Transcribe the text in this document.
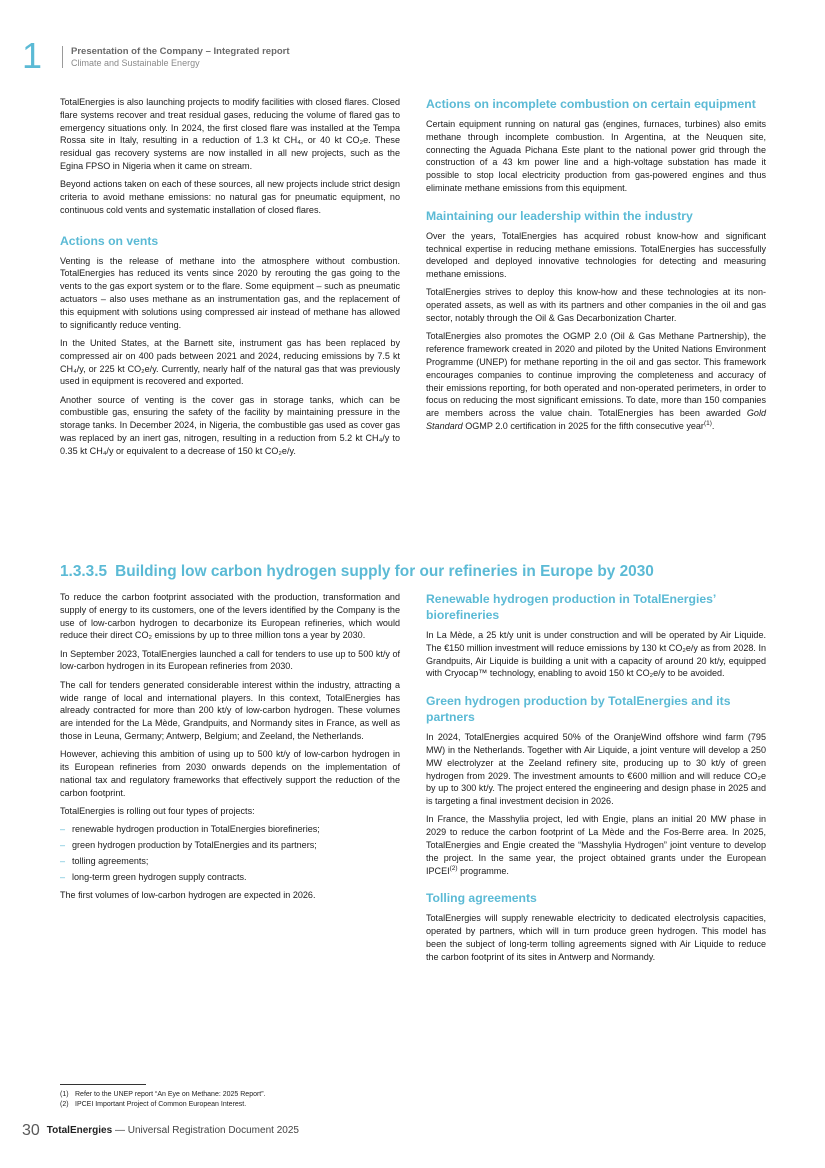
1	Presentation of the Company – Integrated report
Climate and Sustainable Energy

TotalEnergies is also launching projects to modify facilities with closed flares. Closed flare systems recover and treat residual gases, reducing the volume of flared gas to emergency situations only. In 2024, the first closed flare was installed at the Tempa Rossa site in Italy, resulting in a reduction of 1.3 kt CH₄, or 40 kt CO₂e. These residual gas recovery systems are now installed in all new projects, such as the Egina FPSO in Nigeria when it came on stream.

Beyond actions taken on each of these sources, all new projects include strict design criteria to avoid methane emissions: no natural gas for pneumatic equipment, no continuous cold vents and systematic installation of closed flares.

Actions on vents

Venting is the release of methane into the atmosphere without combustion. TotalEnergies has reduced its vents since 2020 by rerouting the gas going to the vents to the gas export system or to the flare. Some equipment – such as pneumatic actuators – also uses methane as an instrumentation gas, and the replacement of this equipment with solutions using compressed air instead of methane has allowed to significantly reduce venting.

In the United States, at the Barnett site, instrument gas has been replaced by compressed air on 400 pads between 2021 and 2024, reducing emissions by 7.5 kt CH₄/y, or 225 kt CO₂e/y. Currently, nearly half of the natural gas that was previously used in equipment is recovered and exported.

Another source of venting is the cover gas in storage tanks, which can be combustible gas, ensuring the safety of the facility by maintaining pressure in the storage tanks. In December 2024, in Nigeria, the combustible gas used as cover gas was replaced by an inert gas, nitrogen, resulting in a reduction from 5.2 kt CH₄/y to 0.35 kt CH₄/y or equivalent to a decrease of 150 kt CO₂e/y.

Actions on incomplete combustion on certain equipment

Certain equipment running on natural gas (engines, furnaces, turbines) also emits methane through incomplete combustion. In Argentina, at the Neuquen site, connecting the Aguada Pichana Este plant to the national power grid through the construction of a 43 km power line and a high-voltage substation has made it possible to stop local electricity production from gas-powered engines and thus eliminate methane emissions from this equipment.

Maintaining our leadership within the industry

Over the years, TotalEnergies has acquired robust know-how and significant technical expertise in reducing methane emissions. TotalEnergies has successfully developed and deployed innovative technologies for detecting and measuring methane emissions.

TotalEnergies strives to deploy this know-how and these technologies at its non-operated assets, as well as with its partners and other companies in the oil and gas sector, notably through the Oil & Gas Decarbonization Charter.

TotalEnergies also promotes the OGMP 2.0 (Oil & Gas Methane Partnership), the reference framework created in 2020 and piloted by the United Nations Environment Programme (UNEP) for methane reporting in the oil and gas sector. This framework encourages companies to continue improving the completeness and accuracy of their emissions reporting, for both operated and non-operated perimeters, in order to focus on reducing the most significant emissions. To date, more than 150 companies are members across the value chain. TotalEnergies has been awarded Gold Standard OGMP 2.0 certification in 2025 for the fifth consecutive year$^{(1)}$.

1.3.3.5 Building low carbon hydrogen supply for our refineries in Europe by 2030

To reduce the carbon footprint associated with the production, transformation and supply of energy to its customers, one of the levers identified by the Company is the use of low-carbon hydrogen to decarbonize its European refineries, which would reduce their direct CO₂ emissions by up to three million tons a year by 2030.

In September 2023, TotalEnergies launched a call for tenders to use up to 500 kt/y of low-carbon hydrogen in its European refineries from 2030.

The call for tenders generated considerable interest within the industry, attracting a wide range of local and international players. In this context, TotalEnergies has already contracted for more than 200 kt/y of low-carbon hydrogen. These volumes are intended for the La Mède, Grandpuits, and Normandy sites in France, as well as those in Leuna, Germany; Antwerp, Belgium; and Zeeland, the Netherlands.

However, achieving this ambition of using up to 500 kt/y of low-carbon hydrogen in its European refineries from 2030 onwards depends on the implementation of national tax and regulatory frameworks that effectively support the reduction of the carbon footprint.

TotalEnergies is rolling out four types of projects:

– renewable hydrogen production in TotalEnergies biorefineries;
– green hydrogen production by TotalEnergies and its partners;
– tolling agreements;
– long-term green hydrogen supply contracts.

The first volumes of low-carbon hydrogen are expected in 2026.

Renewable hydrogen production in TotalEnergies’ biorefineries

In La Mède, a 25 kt/y unit is under construction and will be operated by Air Liquide. The €150 million investment will reduce emissions by 130 kt CO₂e/y as from 2028. In Grandpuits, Air Liquide is building a unit with a capacity of around 20 kt/y, equipped with Cryocap™ technology, enabling to avoid 150 kt CO₂e/y to be avoided.

Green hydrogen production by TotalEnergies and its partners

In 2024, TotalEnergies acquired 50% of the OranjeWind offshore wind farm (795 MW) in the Netherlands. Together with Air Liquide, a joint venture will develop a 250 MW electrolyzer at the Zeeland refinery site, producing up to 30 kt/y of green hydrogen from 2029. The investment amounts to €600 million and will reduce CO₂e by up to 300 kt/y. The project entered the engineering and design phase in 2025 and is targeting a final investment decision in 2026.

In France, the Masshylia project, led with Engie, plans an initial 20 MW phase in 2029 to reduce the carbon footprint of La Mède and the Fos-Berre area. In 2025, TotalEnergies and Engie created the “Masshylia Hydrogen” joint venture to develop the project. In the same year, the project obtained grants under the European IPCEI$^{(2)}$ programme.

Tolling agreements

TotalEnergies will supply renewable electricity to dedicated electrolysis capacities, operated by partners, which will in turn produce green hydrogen. This model has been the subject of long-term tolling agreements signed with Air Liquide to reduce the carbon footprint of its sites in Antwerp and Normandy.

(1) Refer to the UNEP report “An Eye on Methane: 2025 Report”.
(2) IPCEI Important Project of Common European Interest.
30 TotalEnergies — Universal Registration Document 2025
